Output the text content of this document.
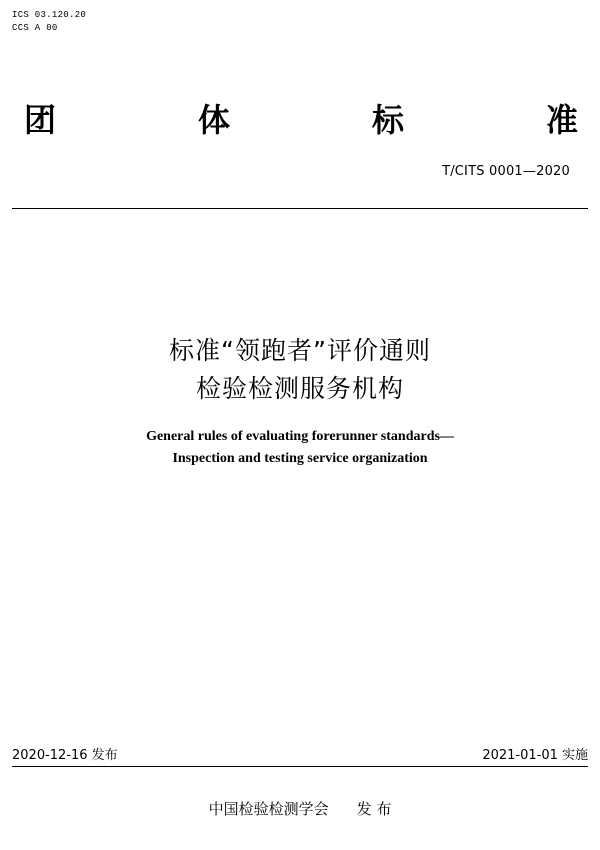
ICS 03.120.20
CCS A 00
团	体	标	准
T/CITS 0001—2020
标准“领跑者”评价通则
检验检测服务机构
General rules of evaluating forerunner standards—
Inspection and testing service organization
2020-12-16 发布	2021-01-01 实施
中国检验检测学会 发 布
